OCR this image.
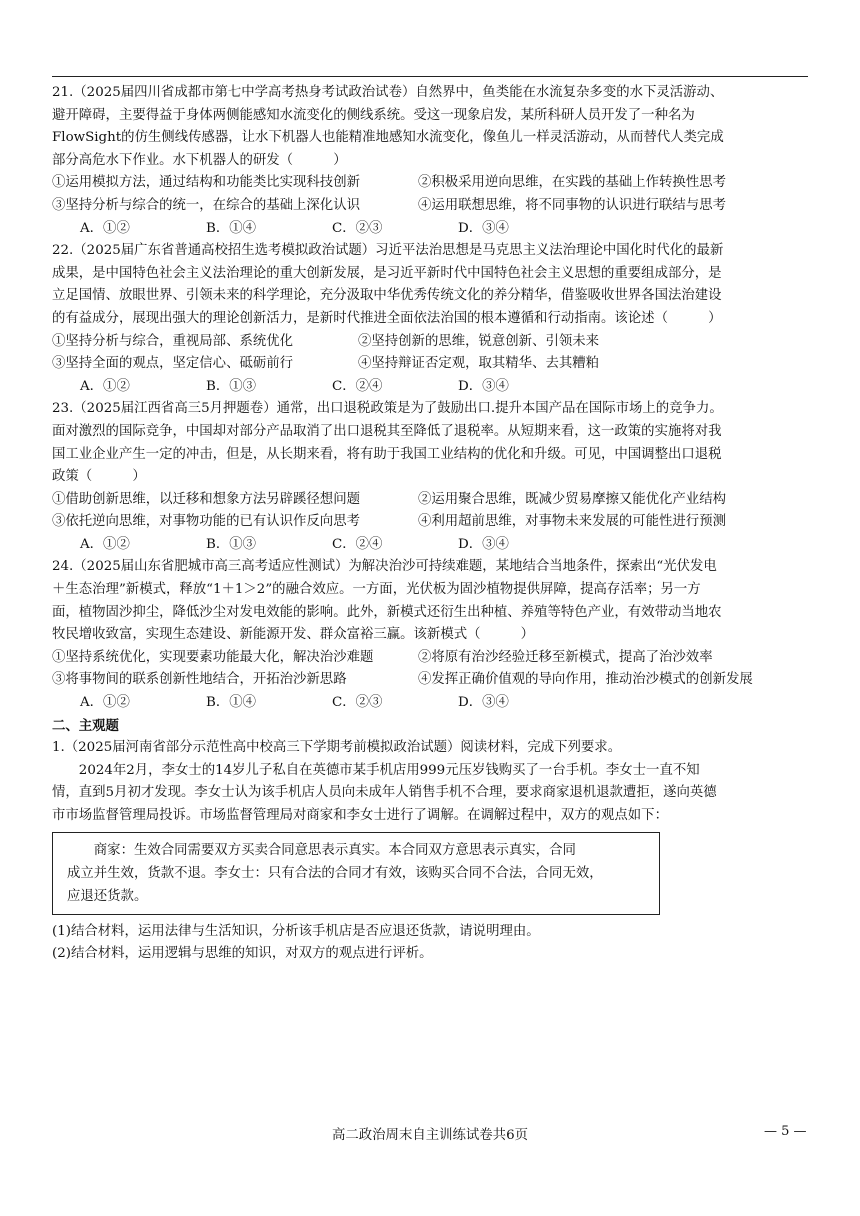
21.（2025届四川省成都市第七中学高考热身考试政治试卷）自然界中，鱼类能在水流复杂多变的水下灵活游动、
避开障碍，主要得益于身体两侧能感知水流变化的侧线系统。受这一现象启发，某所科研人员开发了一种名为
FlowSight的仿生侧线传感器，让水下机器人也能精准地感知水流变化，像鱼儿一样灵活游动，从而替代人类完成
部分高危水下作业。水下机器人的研发（　　　）
①运用模拟方法，通过结构和功能类比实现科技创新	②积极采用逆向思维，在实践的基础上作转换性思考
③坚持分析与综合的统一，在综合的基础上深化认识	④运用联想思维，将不同事物的认识进行联结与思考
A．①②	B．①④	C．②③	D．③④
22.（2025届广东省普通高校招生选考模拟政治试题）习近平法治思想是马克思主义法治理论中国化时代化的最新
成果，是中国特色社会主义法治理论的重大创新发展，是习近平新时代中国特色社会主义思想的重要组成部分，是
立足国情、放眼世界、引领未来的科学理论，充分汲取中华优秀传统文化的养分精华，借鉴吸收世界各国法治建设
的有益成分，展现出强大的理论创新活力，是新时代推进全面依法治国的根本遵循和行动指南。该论述（　　　）
①坚持分析与综合，重视局部、系统优化	②坚持创新的思维，锐意创新、引领未来
③坚持全面的观点，坚定信心、砥砺前行	④坚持辩证否定观，取其精华、去其糟粕
A．①②	B．①③	C．②④	D．③④
23.（2025届江西省高三5月押题卷）通常，出口退税政策是为了鼓励出口.提升本国产品在国际市场上的竞争力。
面对激烈的国际竞争，中国却对部分产品取消了出口退税其至降低了退税率。从短期来看，这一政策的实施将对我
国工业企业产生一定的冲击，但是，从长期来看，将有助于我国工业结构的优化和升级。可见，中国调整出口退税
政策（　　　）
①借助创新思维，以迁移和想象方法另辟蹊径想问题	②运用聚合思维，既减少贸易摩擦又能优化产业结构
③依托逆向思维，对事物功能的已有认识作反向思考	④利用超前思维，对事物未来发展的可能性进行预测
A．①②	B．①③	C．②④	D．③④
24.（2025届山东省肥城市高三高考适应性测试）为解决治沙可持续难题，某地结合当地条件，探索出“光伏发电
＋生态治理”新模式，释放“1＋1＞2”的融合效应。一方面，光伏板为固沙植物提供屏障，提高存活率；另一方
面，植物固沙抑尘，降低沙尘对发电效能的影响。此外，新模式还衍生出种植、养殖等特色产业，有效带动当地农
牧民增收致富，实现生态建设、新能源开发、群众富裕三赢。该新模式（　　　）
①坚持系统优化，实现要素功能最大化，解决治沙难题	②将原有治沙经验迁移至新模式，提高了治沙效率
③将事物间的联系创新性地结合，开拓治沙新思路	④发挥正确价值观的导向作用，推动治沙模式的创新发展
A．①②	B．①④	C．②③	D．③④
二、主观题
1.（2025届河南省部分示范性高中校高三下学期考前模拟政治试题）阅读材料，完成下列要求。
2024年2月，李女士的14岁儿子私自在英德市某手机店用999元压岁钱购买了一台手机。李女士一直不知
情，直到5月初才发现。李女士认为该手机店人员向未成年人销售手机不合理，要求商家退机退款遭拒，遂向英德
市市场监督管理局投诉。市场监督管理局对商家和李女士进行了调解。在调解过程中，双方的观点如下：
商家：生效合同需要双方买卖合同意思表示真实。本合同双方意思表示真实，合同
成立并生效，货款不退。李女士：只有合法的合同才有效，该购买合同不合法，合同无效，
应退还货款。
(1)结合材料，运用法律与生活知识，分析该手机店是否应退还货款，请说明理由。
(2)结合材料，运用逻辑与思维的知识，对双方的观点进行评析。
高二政治周末自主训练试卷共6页	— 5 —
